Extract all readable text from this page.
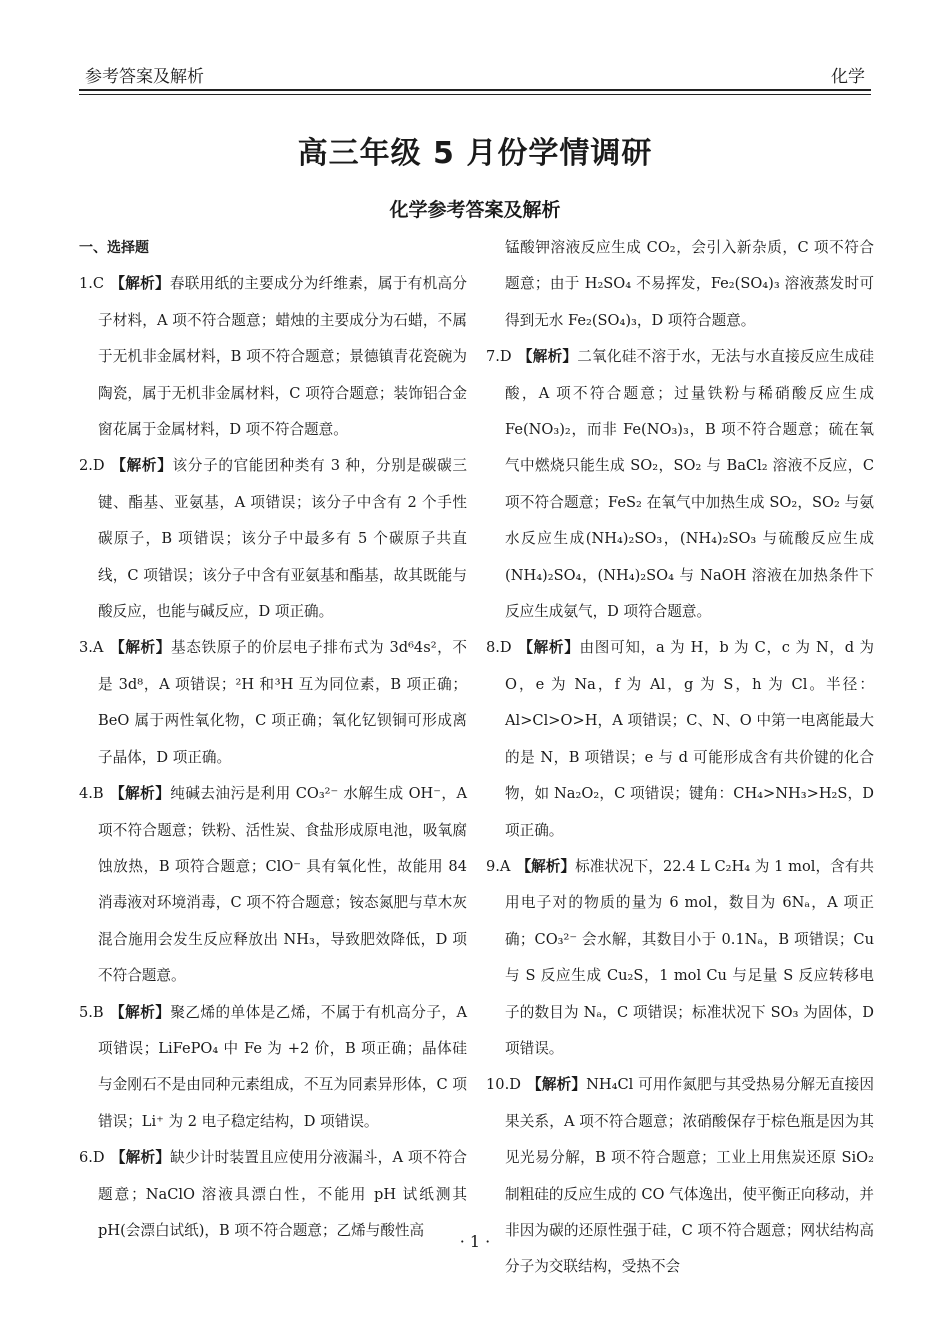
参考答案及解析	化学
高三年级 5 月份学情调研
化学参考答案及解析
一、选择题
1.C 【解析】春联用纸的主要成分为纤维素，属于有机高分子材料，A 项不符合题意；蜡烛的主要成分为石蜡，不属于无机非金属材料，B 项不符合题意；景德镇青花瓷碗为陶瓷，属于无机非金属材料，C 项符合题意；装饰铝合金窗花属于金属材料，D 项不符合题意。
2.D 【解析】该分子的官能团种类有 3 种，分别是碳碳三键、酯基、亚氨基，A 项错误；该分子中含有 2 个手性碳原子，B 项错误；该分子中最多有 5 个碳原子共直线，C 项错误；该分子中含有亚氨基和酯基，故其既能与酸反应，也能与碱反应，D 项正确。
3.A 【解析】基态铁原子的价层电子排布式为 3d⁶4s²，不是 3d⁸，A 项错误；²H 和³H 互为同位素，B 项正确；BeO 属于两性氧化物，C 项正确；氧化钇钡铜可形成离子晶体，D 项正确。
4.B 【解析】纯碱去油污是利用 CO₃²⁻ 水解生成 OH⁻，A 项不符合题意；铁粉、活性炭、食盐形成原电池，吸氧腐蚀放热，B 项符合题意；ClO⁻ 具有氧化性，故能用 84 消毒液对环境消毒，C 项不符合题意；铵态氮肥与草木灰混合施用会发生反应释放出 NH₃，导致肥效降低，D 项不符合题意。
5.B 【解析】聚乙烯的单体是乙烯，不属于有机高分子，A 项错误；LiFePO₄ 中 Fe 为 +2 价，B 项正确；晶体硅与金刚石不是由同种元素组成，不互为同素异形体，C 项错误；Li⁺ 为 2 电子稳定结构，D 项错误。
6.D 【解析】缺少计时装置且应使用分液漏斗，A 项不符合题意；NaClO 溶液具漂白性，不能用 pH 试纸测其 pH(会漂白试纸)，B 项不符合题意；乙烯与酸性高
锰酸钾溶液反应生成 CO₂，会引入新杂质，C 项不符合题意；由于 H₂SO₄ 不易挥发，Fe₂(SO₄)₃ 溶液蒸发时可得到无水 Fe₂(SO₄)₃，D 项符合题意。
7.D 【解析】二氧化硅不溶于水，无法与水直接反应生成硅酸，A 项不符合题意；过量铁粉与稀硝酸反应生成 Fe(NO₃)₂，而非 Fe(NO₃)₃，B 项不符合题意；硫在氧气中燃烧只能生成 SO₂，SO₂ 与 BaCl₂ 溶液不反应，C 项不符合题意；FeS₂ 在氧气中加热生成 SO₂，SO₂ 与氨水反应生成(NH₄)₂SO₃，(NH₄)₂SO₃ 与硫酸反应生成(NH₄)₂SO₄，(NH₄)₂SO₄ 与 NaOH 溶液在加热条件下反应生成氨气，D 项符合题意。
8.D 【解析】由图可知，a 为 H，b 为 C，c 为 N，d 为 O，e 为 Na，f 为 Al，g 为 S，h 为 Cl。半径：Al>Cl>O>H，A 项错误；C、N、O 中第一电离能最大的是 N，B 项错误；e 与 d 可能形成含有共价键的化合物，如 Na₂O₂，C 项错误；键角：CH₄>NH₃>H₂S，D 项正确。
9.A 【解析】标准状况下，22.4 L C₂H₄ 为 1 mol，含有共用电子对的物质的量为 6 mol，数目为 6Nₐ，A 项正确；CO₃²⁻ 会水解，其数目小于 0.1Nₐ，B 项错误；Cu 与 S 反应生成 Cu₂S，1 mol Cu 与足量 S 反应转移电子的数目为 Nₐ，C 项错误；标准状况下 SO₃ 为固体，D 项错误。
10.D 【解析】NH₄Cl 可用作氮肥与其受热易分解无直接因果关系，A 项不符合题意；浓硝酸保存于棕色瓶是因为其见光易分解，B 项不符合题意；工业上用焦炭还原 SiO₂ 制粗硅的反应生成的 CO 气体逸出，使平衡正向移动，并非因为碳的还原性强于硅，C 项不符合题意；网状结构高分子为交联结构，受热不会
· 1 ·
